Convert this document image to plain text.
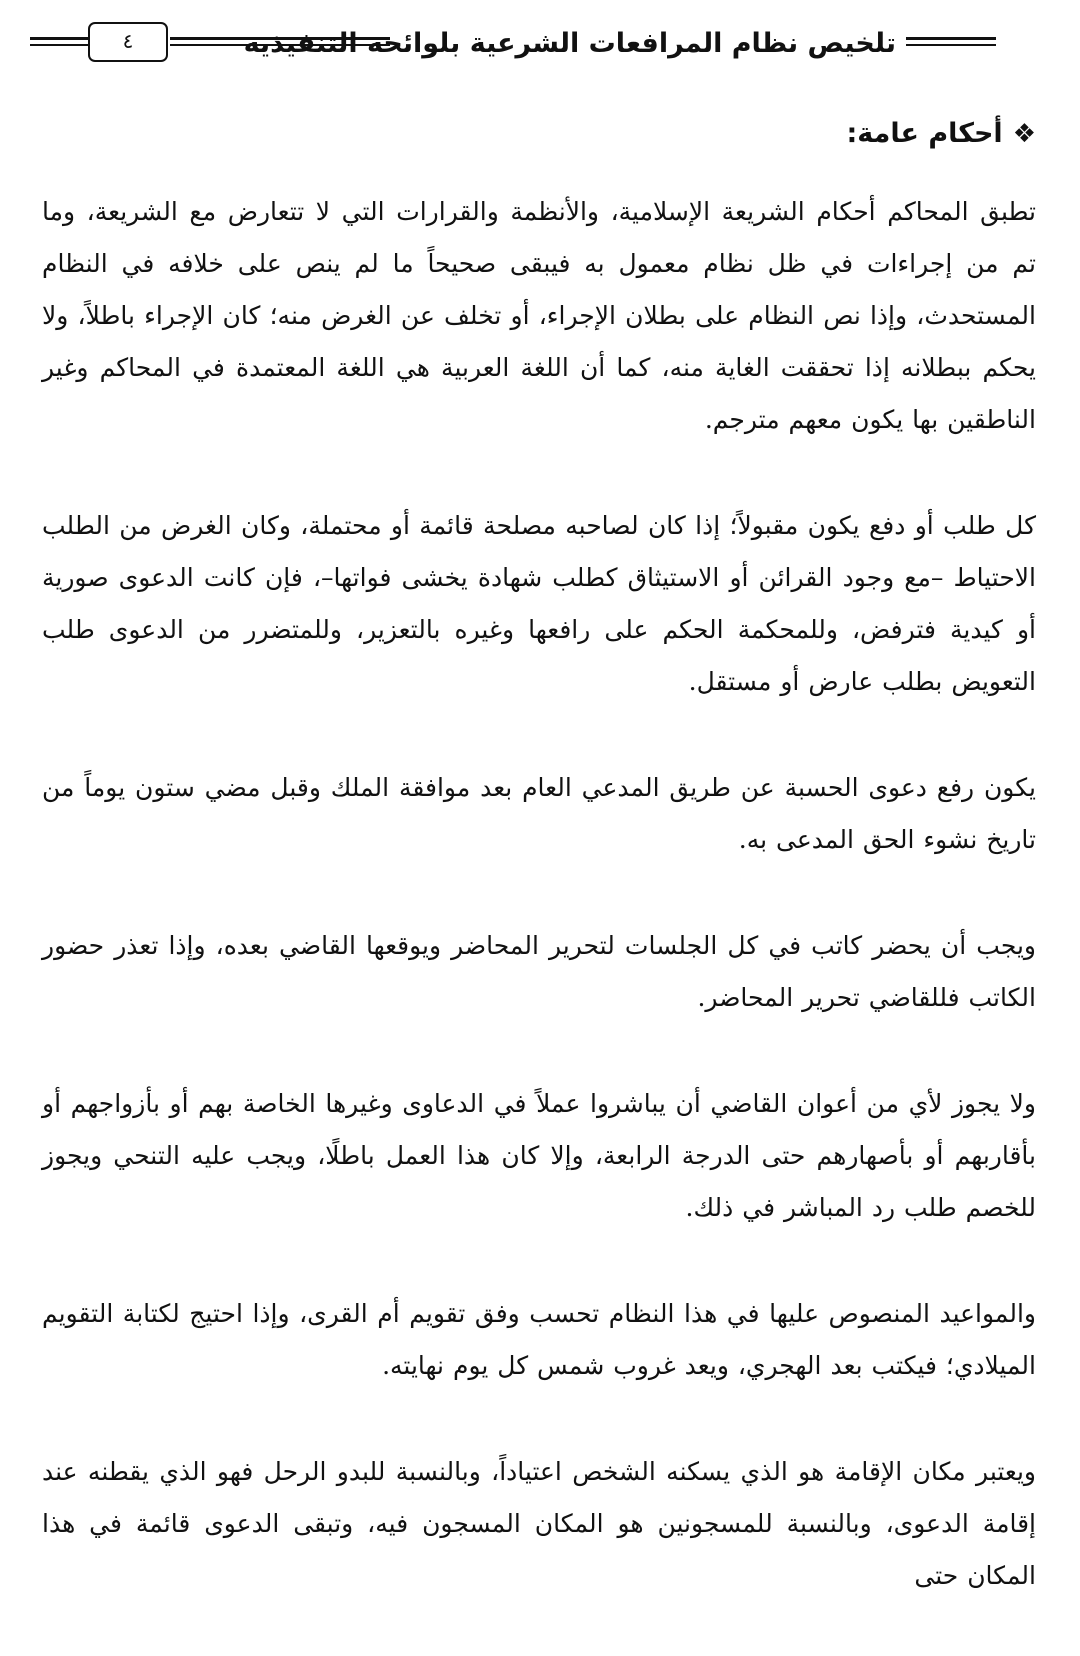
تلخيص نظام المرافعات الشرعية بلوائحه التنفيذية
٤
❖أحكام عامة:

تطبق المحاكم أحكام الشريعة الإسلامية، والأنظمة والقرارات التي لا تتعارض مع الشريعة، وما تم من إجراءات في ظل نظام معمول به فيبقى صحيحاً ما لم ينص على خلافه في النظام المستحدث، وإذا نص النظام على بطلان الإجراء، أو تخلف عن الغرض منه؛ كان الإجراء باطلاً، ولا يحكم ببطلانه إذا تحققت الغاية منه، كما أن اللغة العربية هي اللغة المعتمدة في المحاكم وغير الناطقين بها يكون معهم مترجم.

كل طلب أو دفع يكون مقبولاً؛ إذا كان لصاحبه مصلحة قائمة أو محتملة، وكان الغرض من الطلب الاحتياط –مع وجود القرائن أو الاستيثاق كطلب شهادة يخشى فواتها–، فإن كانت الدعوى صورية أو كيدية فترفض، وللمحكمة الحكم على رافعها وغيره بالتعزير، وللمتضرر من الدعوى طلب التعويض بطلب عارض أو مستقل.

يكون رفع دعوى الحسبة عن طريق المدعي العام بعد موافقة الملك وقبل مضي ستون يوماً من تاريخ نشوء الحق المدعى به.

ويجب أن يحضر كاتب في كل الجلسات لتحرير المحاضر ويوقعها القاضي بعده، وإذا تعذر حضور الكاتب فللقاضي تحرير المحاضر.

ولا يجوز لأي من أعوان القاضي أن يباشروا عملاً في الدعاوى وغيرها الخاصة بهم أو بأزواجهم أو بأقاربهم أو بأصهارهم حتى الدرجة الرابعة، وإلا كان هذا العمل باطلًا، ويجب عليه التنحي ويجوز للخصم طلب رد المباشر في ذلك.

والمواعيد المنصوص عليها في هذا النظام تحسب وفق تقويم أم القرى، وإذا احتيج لكتابة التقويم الميلادي؛ فيكتب بعد الهجري، ويعد غروب شمس كل يوم نهايته.

ويعتبر مكان الإقامة هو الذي يسكنه الشخص اعتياداً، وبالنسبة للبدو الرحل فهو الذي يقطنه عند إقامة الدعوى، وبالنسبة للمسجونين هو المكان المسجون فيه، وتبقى الدعوى قائمة في هذا المكان حتى
